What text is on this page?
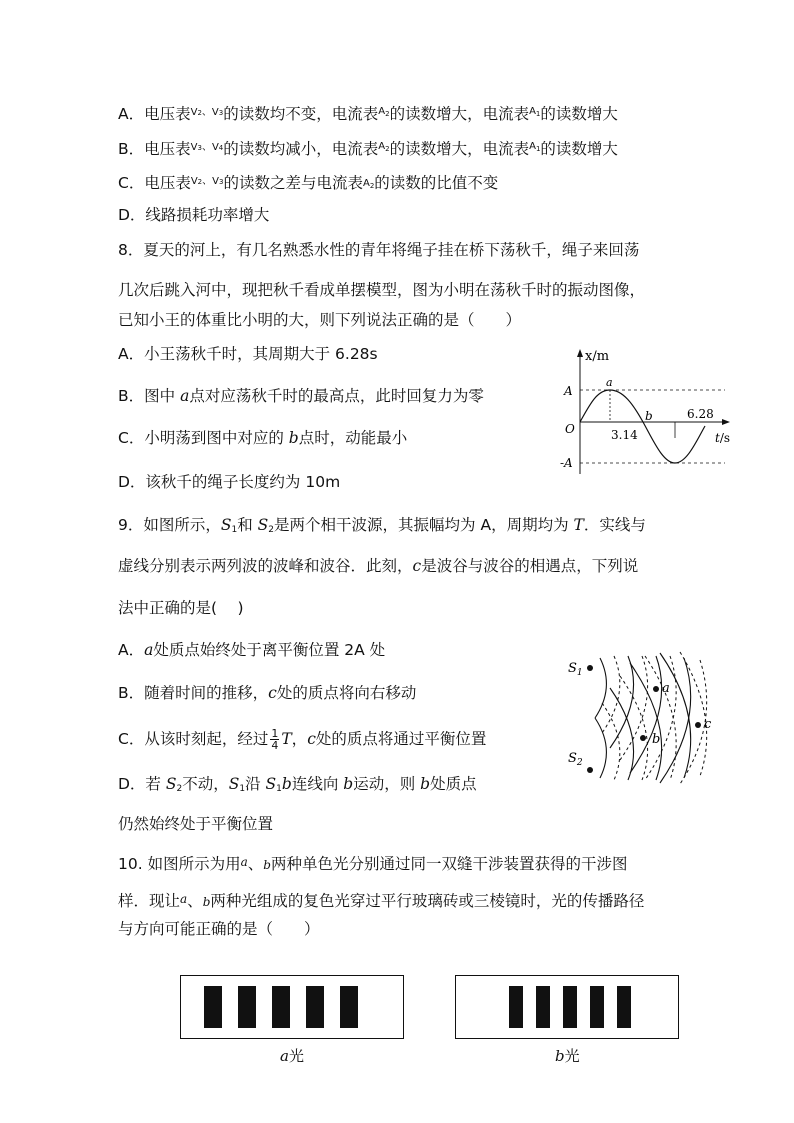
A．电压表$^{V2、V3}$的读数均不变，电流表$^A$2的读数增大，电流表$^A$1的读数增大
B．电压表$^{V3、V4}$的读数均减小，电流表$^A$2的读数增大，电流表$^A$1的读数增大
C．电压表$^{V2、V3}$的读数之差与电流表A2的读数的比值不变
D．线路损耗功率增大
8．夏天的河上，有几名熟悉水性的青年将绳子挂在桥下荡秋千，绳子来回荡
几次后跳入河中，现把秋千看成单摆模型，图为小明在荡秋千时的振动图像，
已知小王的体重比小明的大，则下列说法正确的是（　　）
A．小王荡秋千时，其周期大于 6.28s
B．图中 a点对应荡秋千时的最高点，此时回复力为零
C．小明荡到图中对应的 b点时，动能最小
D．该秋千的绳子长度约为 10m
x/m
A
-A
O
a
b
3.14
6.28
t/s
9．如图所示，$S_1$和 $S_2$是两个相干波源，其振幅均为 A，周期均为 T．实线与
虚线分别表示两列波的波峰和波谷．此刻，c是波谷与波谷的相遇点，下列说
法中正确的是(　 )
A．a处质点始终处于离平衡位置 2A 处
B．随着时间的推移，c处的质点将向右移动
C．从该时刻起，经过 $\frac{1}{4}$ T，c处的质点将通过平衡位置
D．若 $S_2$不动，$S_1$沿 $S_1b$连线向 b运动，则 b处质点
仍然始终处于平衡位置
$S_1$
$S_2$
a
b
c
10. 如图所示为用a、b两种单色光分别通过同一双缝干涉装置获得的干涉图
样．现让a、b两种光组成的复色光穿过平行玻璃砖或三棱镜时，光的传播路径
与方向可能正确的是（　　）
a光	b光
